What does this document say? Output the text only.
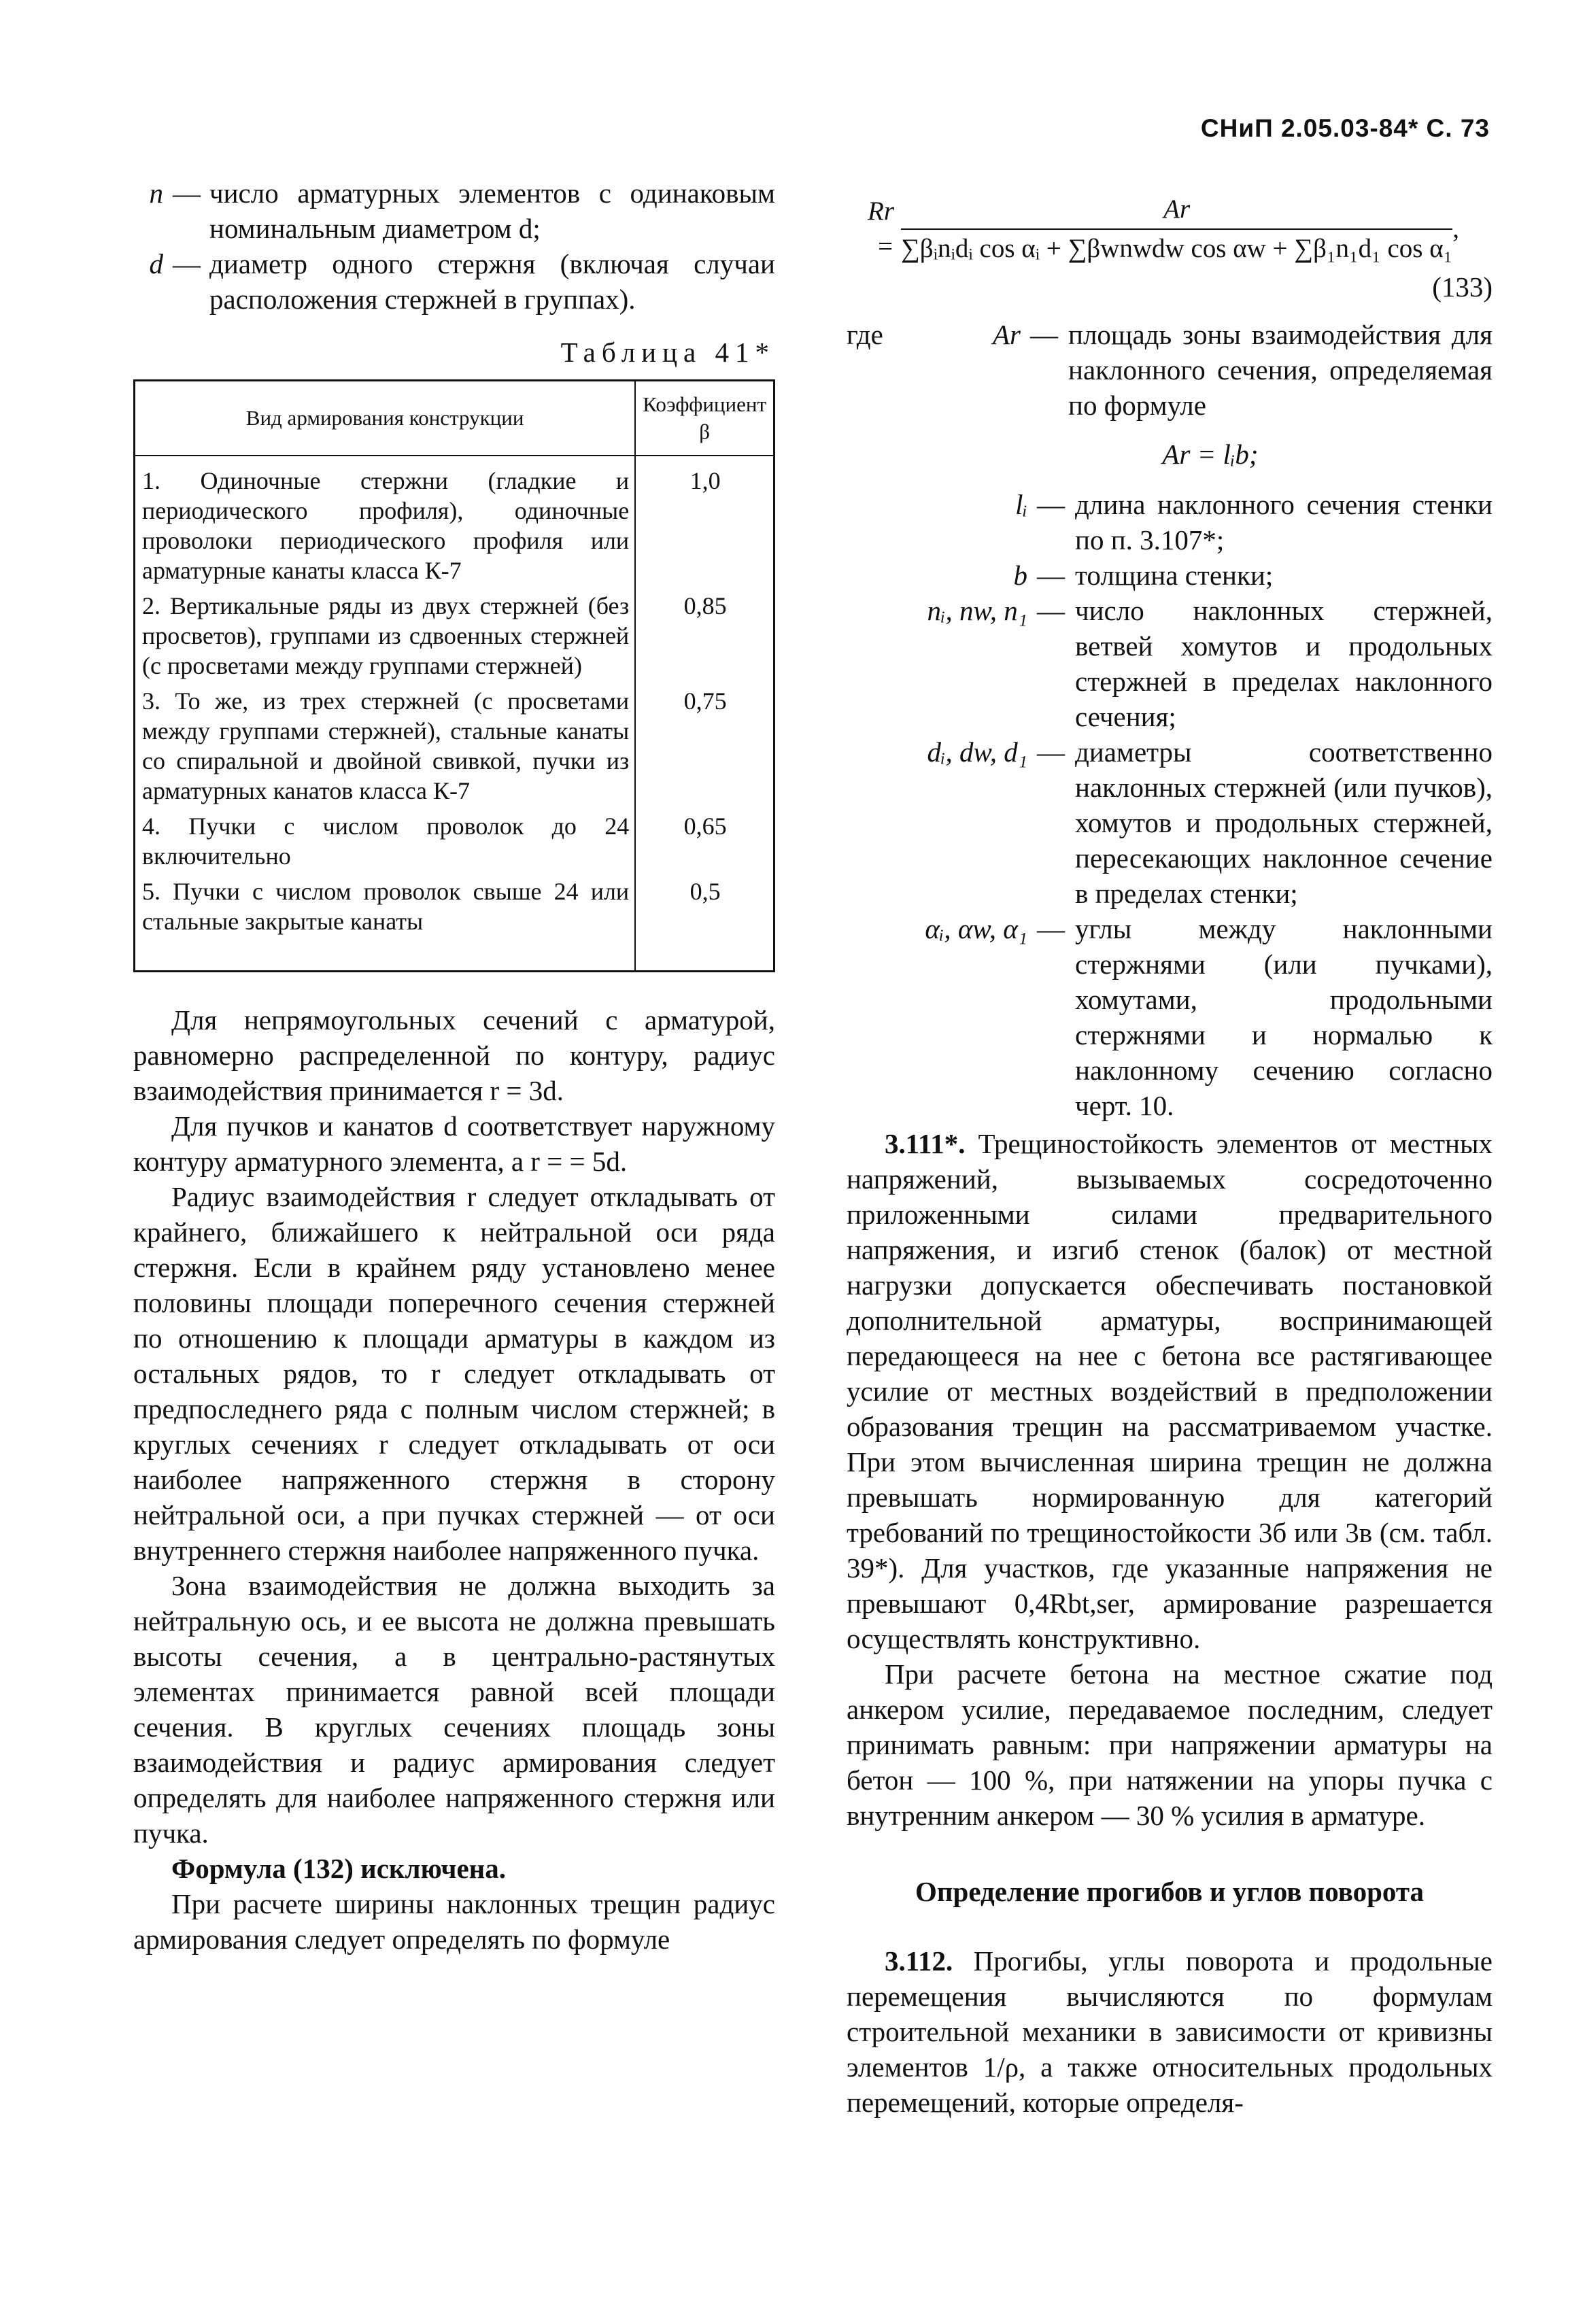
СНиП 2.05.03-84* С. 73
n — число арматурных элементов с одинаковым номинальным диаметром d;
d — диаметр одного стержня (включая случаи расположения стержней в группах).
Таблица 41*
Вид армирования конструкции	Коэффициент β
1. Одиночные стержни (гладкие и периодического профиля), одиночные проволоки периодического профиля или арматурные канаты класса К-7	1,0
2. Вертикальные ряды из двух стержней (без просветов), группами из сдвоенных стержней (с просветами между группами стержней)	0,85
3. То же, из трех стержней (с просветами между группами стержней), стальные канаты со спиральной и двойной свивкой, пучки из арматурных канатов класса К-7	0,75
4. Пучки с числом проволок до 24 включительно	0,65
5. Пучки с числом проволок свыше 24 или стальные закрытые канаты	0,5

Для непрямоугольных сечений с арматурой, равномерно распределенной по контуру, радиус взаимодействия принимается r = 3d.

Для пучков и канатов d соответствует наружному контуру арматурного элемента, а r = = 5d.

Радиус взаимодействия r следует откладывать от крайнего, ближайшего к нейтральной оси ряда стержня. Если в крайнем ряду установлено менее половины площади поперечного сечения стержней по отношению к площади арматуры в каждом из остальных рядов, то r следует откладывать от предпоследнего ряда с полным числом стержней; в круглых сечениях r следует откладывать от оси наиболее напряженного стержня в сторону нейтральной оси, а при пучках стержней — от оси внутреннего стержня наиболее напряженного пучка.

Зона взаимодействия не должна выходить за нейтральную ось, и ее высота не должна превышать высоты сечения, а в центрально-растянутых элементах принимается равной всей площади сечения. В круглых сечениях площадь зоны взаимодействия и радиус армирования следует определять для наиболее напряженного стержня или пучка.

Формула (132) исключена.

При расчете ширины наклонных трещин радиус армирования следует определять по формуле

$Rr = \frac{Ar}{\text{∑βᵢnᵢdᵢ cos αᵢ + ∑βwnwdw cos αw + ∑β₁n₁d₁ cos α₁}}$ ,
(133)
где	Ar — площадь зоны взаимодействия для наклонного сечения, определяемая по формуле
Ar = lᵢb;
lᵢ — длина наклонного сечения стенки по п. 3.107*;
b — толщина стенки;
nᵢ, nw, n₁ — число наклонных стержней, ветвей хомутов и продольных стержней в пределах наклонного сечения;
dᵢ, dw, d₁ — диаметры соответственно наклонных стержней (или пучков), хомутов и продольных стержней, пересекающих наклонное сечение в пределах стенки;
αᵢ, αw, α₁ — углы между наклонными стержнями (или пучками), хомутами, продольными стержнями и нормалью к наклонному сечению согласно черт. 10.

3.111*. Трещиностойкость элементов от местных напряжений, вызываемых сосредоточенно приложенными силами предварительного напряжения, и изгиб стенок (балок) от местной нагрузки допускается обеспечивать постановкой дополнительной арматуры, воспринимающей передающееся на нее с бетона все растягивающее усилие от местных воздействий в предположении образования трещин на рассматриваемом участке. При этом вычисленная ширина трещин не должна превышать нормированную для категорий требований по трещиностойкости 3б или 3в (см. табл. 39*). Для участков, где указанные напряжения не превышают 0,4Rbt,ser, армирование разрешается осуществлять конструктивно.

При расчете бетона на местное сжатие под анкером усилие, передаваемое последним, следует принимать равным: при напряжении арматуры на бетон — 100 %, при натяжении на упоры пучка с внутренним анкером — 30 % усилия в арматуре.

Определение прогибов и углов поворота

3.112. Прогибы, углы поворота и продольные перемещения вычисляются по формулам строительной механики в зависимости от кривизны элементов 1/ρ, а также относительных продольных перемещений, которые определя-
